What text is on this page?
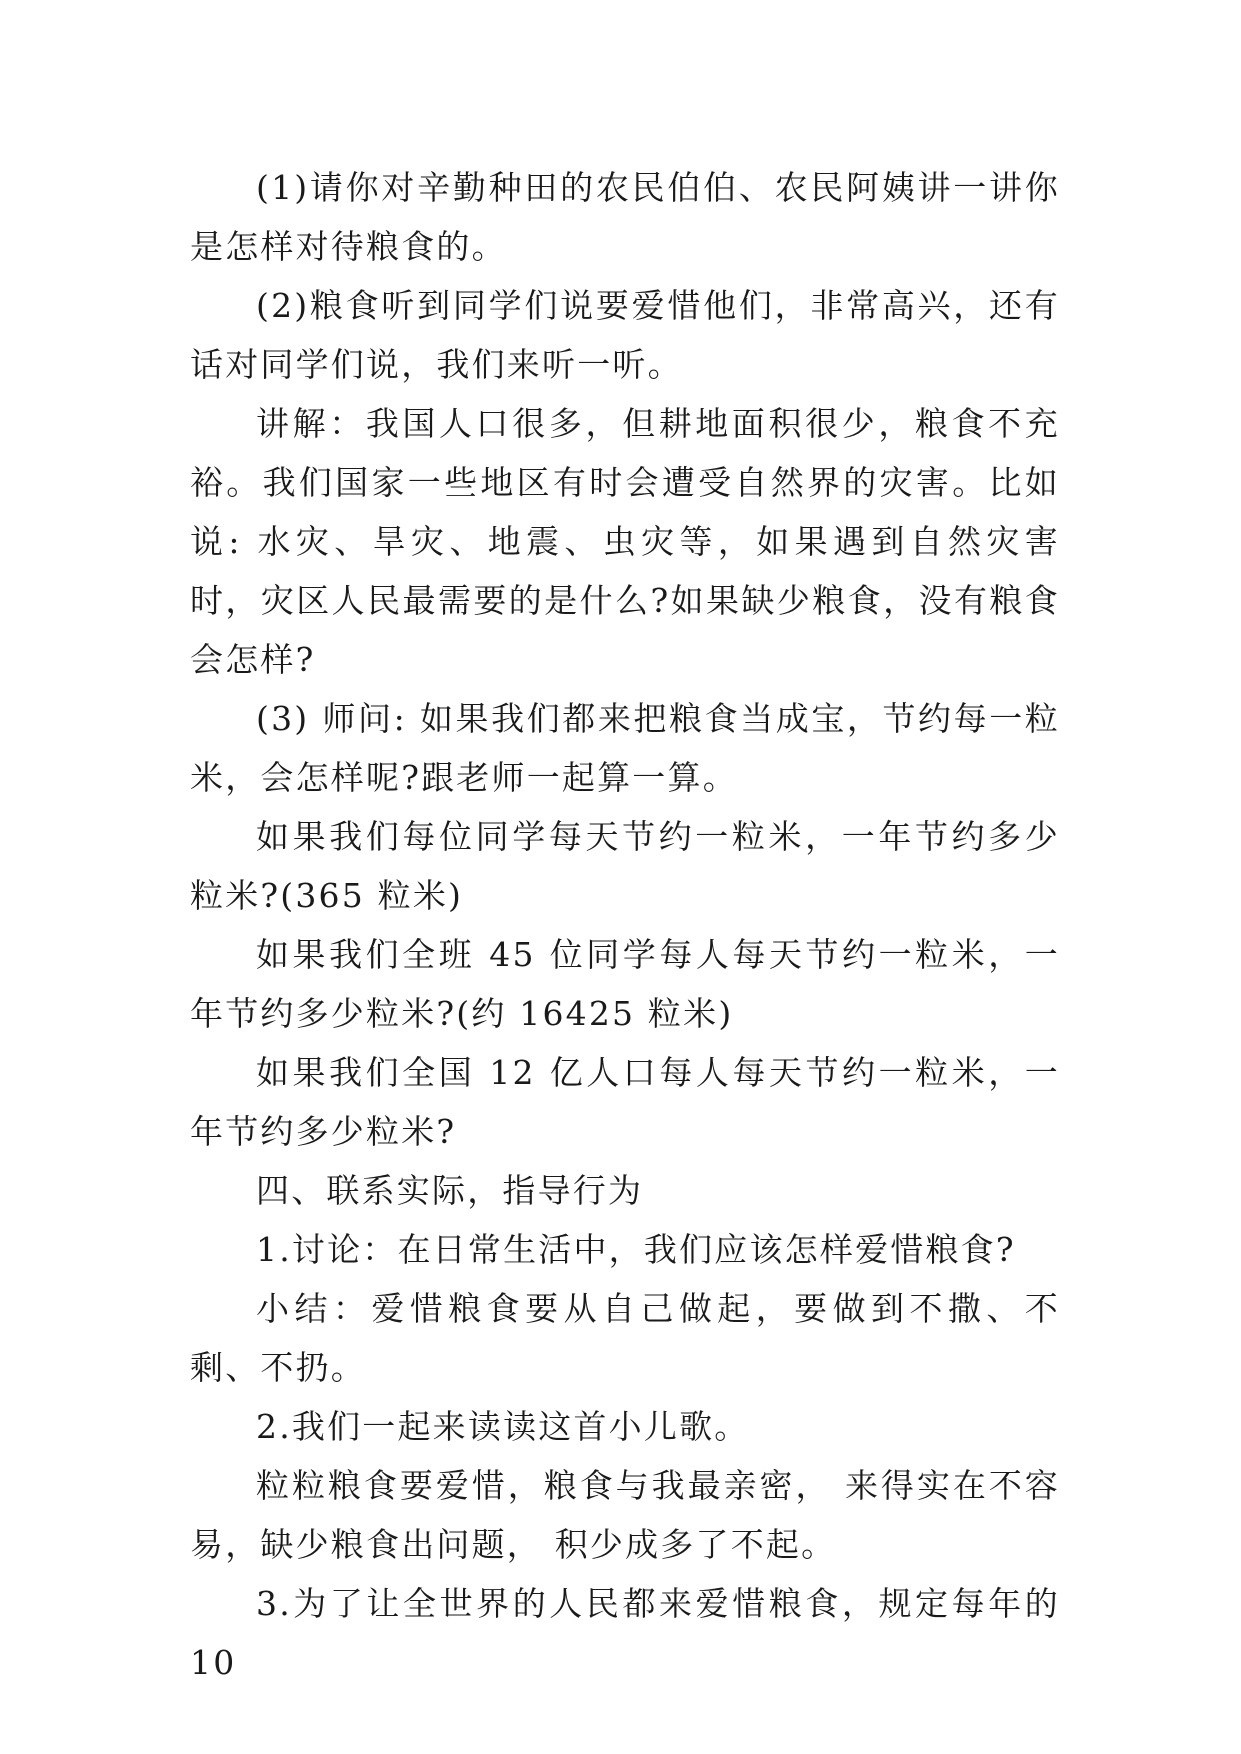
(1)请你对辛勤种田的农民伯伯、农民阿姨讲一讲你是怎样对待粮食的。

(2)粮食听到同学们说要爱惜他们，非常高兴，还有话对同学们说，我们来听一听。

讲解：我国人口很多，但耕地面积很少，粮食不充裕。我们国家一些地区有时会遭受自然界的灾害。比如说: 水灾、旱灾、地震、虫灾等，如果遇到自然灾害时，灾区人民最需要的是什么?如果缺少粮食，没有粮食会怎样?

(3) 师问: 如果我们都来把粮食当成宝，节约每一粒米，会怎样呢?跟老师一起算一算。

如果我们每位同学每天节约一粒米，一年节约多少粒米?(365 粒米)

如果我们全班 45 位同学每人每天节约一粒米，一年节约多少粒米?(约 16425 粒米)

如果我们全国 12 亿人口每人每天节约一粒米，一年节约多少粒米?

四、联系实际，指导行为

1.讨论：在日常生活中，我们应该怎样爱惜粮食?

小结：爱惜粮食要从自己做起，要做到不撒、不剩、不扔。

2.我们一起来读读这首小儿歌。

粒粒粮食要爱惜，粮食与我最亲密， 来得实在不容易，缺少粮食出问题， 积少成多了不起。

3.为了让全世界的人民都来爱惜粮食，规定每年的 10
